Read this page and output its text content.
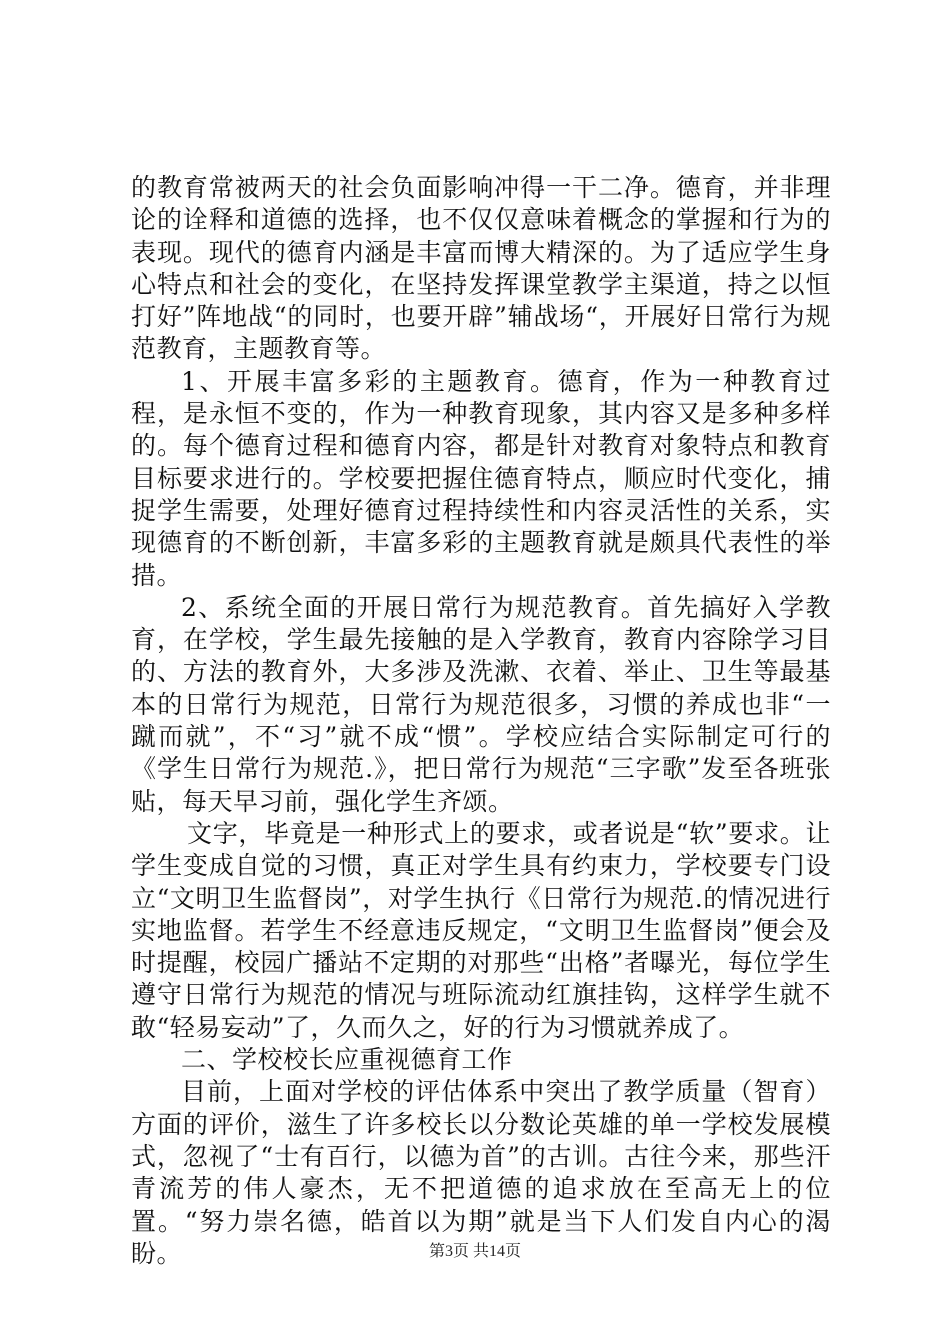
的教育常被两天的社会负面影响冲得一干二净。德育，并非理论的诠释和道德的选择，也不仅仅意味着概念的掌握和行为的表现。现代的德育内涵是丰富而博大精深的。为了适应学生身心特点和社会的变化，在坚持发挥课堂教学主渠道，持之以恒打好”阵地战“的同时，也要开辟”辅战场“，开展好日常行为规范教育，主题教育等。

1、开展丰富多彩的主题教育。德育，作为一种教育过程，是永恒不变的，作为一种教育现象，其内容又是多种多样的。每个德育过程和德育内容，都是针对教育对象特点和教育目标要求进行的。学校要把握住德育特点，顺应时代变化，捕捉学生需要，处理好德育过程持续性和内容灵活性的关系，实现德育的不断创新，丰富多彩的主题教育就是颇具代表性的举措。

2、系统全面的开展日常行为规范教育。首先搞好入学教育，在学校，学生最先接触的是入学教育，教育内容除学习目的、方法的教育外，大多涉及洗漱、衣着、举止、卫生等最基本的日常行为规范，日常行为规范很多，习惯的养成也非“一蹴而就”，不“习”就不成“惯”。学校应结合实际制定可行的《学生日常行为规范.》，把日常行为规范“三字歌”发至各班张贴，每天早习前，强化学生齐颂。

文字，毕竟是一种形式上的要求，或者说是“软”要求。让学生变成自觉的习惯，真正对学生具有约束力，学校要专门设立“文明卫生监督岗”，对学生执行《日常行为规范.的情况进行实地监督。若学生不经意违反规定，“文明卫生监督岗”便会及时提醒，校园广播站不定期的对那些“出格”者曝光，每位学生遵守日常行为规范的情况与班际流动红旗挂钩，这样学生就不敢“轻易妄动”了，久而久之，好的行为习惯就养成了。

二、学校校长应重视德育工作

目前，上面对学校的评估体系中突出了教学质量（智育）方面的评价，滋生了许多校长以分数论英雄的单一学校发展模式，忽视了“士有百行，以德为首”的古训。古往今来，那些汗青流芳的伟人豪杰，无不把道德的追求放在至高无上的位置。“努力崇名德，皓首以为期”就是当下人们发自内心的渴盼。	第3页 共14页
